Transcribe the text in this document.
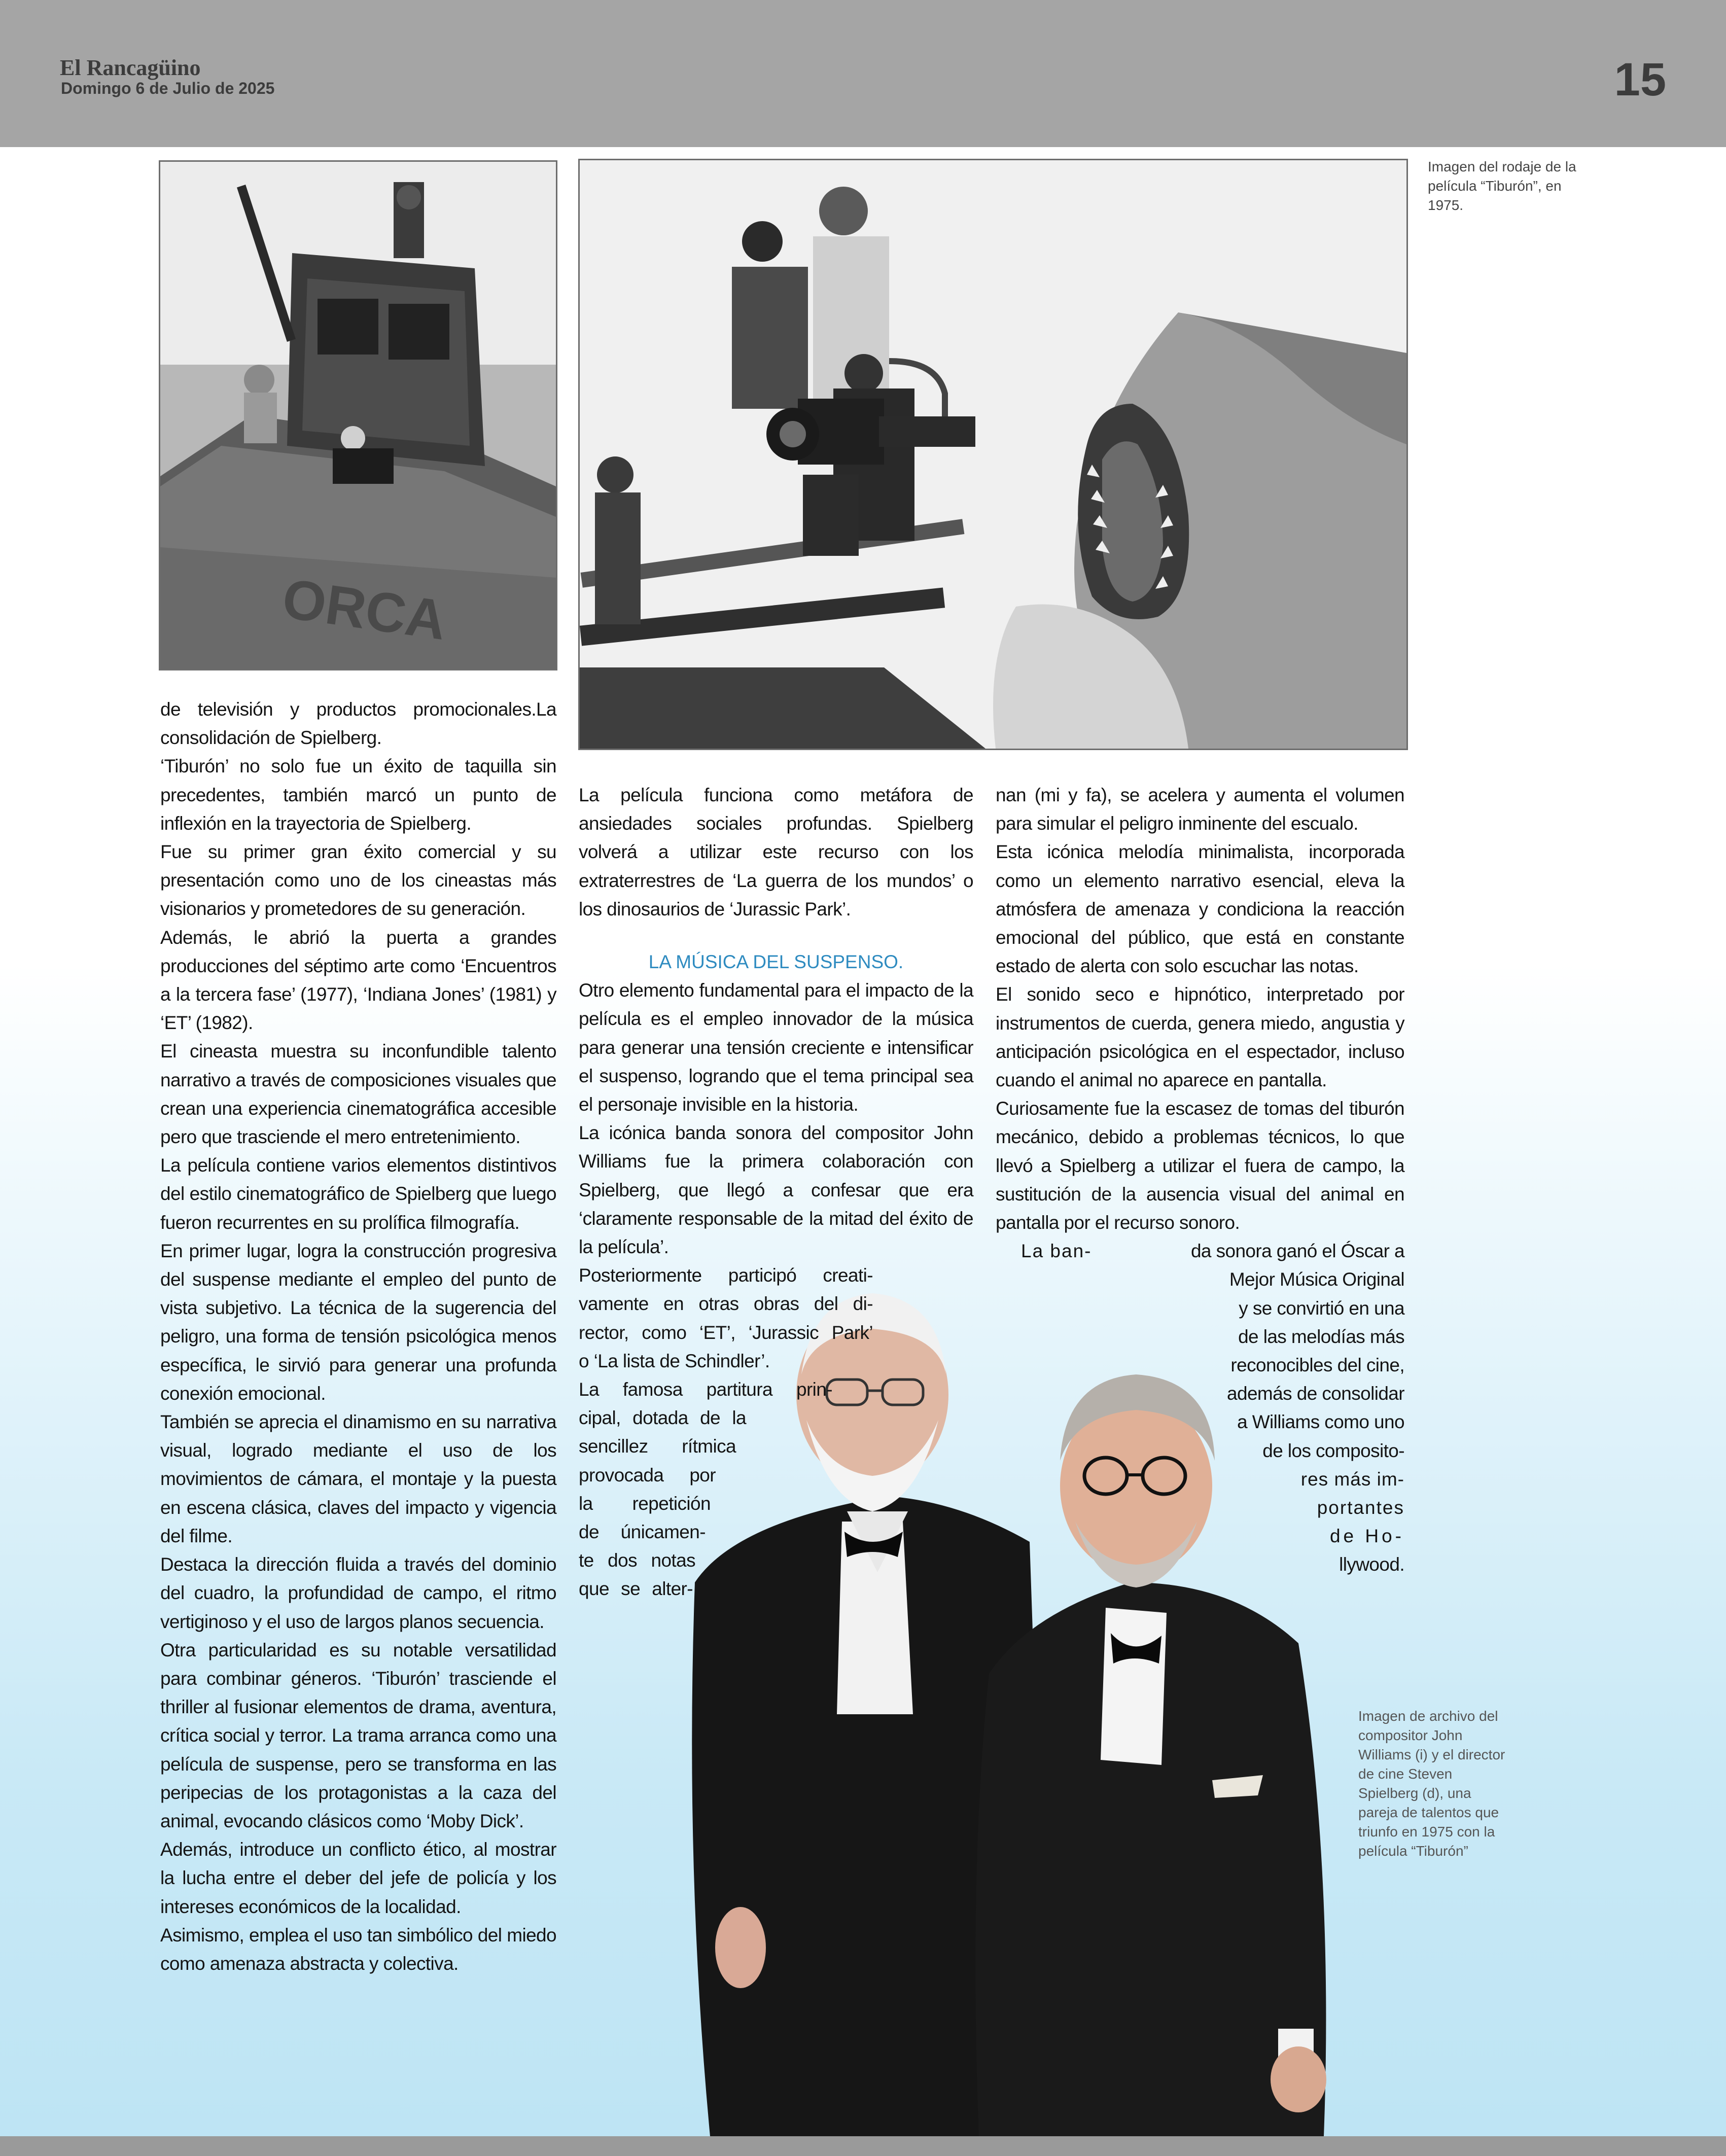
El Rancagüino
Domingo 6 de Julio de 2025	15
ORCA
Imagen del rodaje de la película “Tiburón”, en 1975.
Imagen de archivo del compositor John Williams (i) y el director de cine Steven Spielberg (d), una pareja de talentos que triunfo en 1975 con la película “Tiburón”

de televisión y productos promocionales.La consolidación de Spielberg.

‘Tiburón’ no solo fue un éxito de taquilla sin precedentes, también marcó un punto de inflexión en la trayectoria de Spielberg.

Fue su primer gran éxito comercial y su presentación como uno de los cineastas más visionarios y prometedores de su generación.

Además, le abrió la puerta a grandes producciones del séptimo arte como ‘Encuentros a la tercera fase’ (1977), ‘Indiana Jones’ (1981) y ‘ET’ (1982).

El cineasta muestra su inconfundible talento narrativo a través de composiciones visuales que crean una experiencia cinematográfica accesible pero que trasciende el mero entretenimiento.

La película contiene varios elementos distintivos del estilo cinematográfico de Spielberg que luego fueron recurrentes en su prolífica filmografía.

En primer lugar, logra la construcción progresiva del suspense mediante el empleo del punto de vista subjetivo. La técnica de la sugerencia del peligro, una forma de tensión psicológica menos específica, le sirvió para generar una profunda conexión emocional.

También se aprecia el dinamismo en su narrativa visual, logrado mediante el uso de los movimientos de cámara, el montaje y la puesta en escena clásica, claves del impacto y vigencia del filme.

Destaca la dirección fluida a través del dominio del cuadro, la profundidad de campo, el ritmo vertiginoso y el uso de largos planos secuencia.

Otra particularidad es su notable versatilidad para combinar géneros. ‘Tiburón’ trasciende el thriller al fusionar elementos de drama, aventura, crítica social y terror. La trama arranca como una película de suspense, pero se transforma en las peripecias de los protagonistas a la caza del animal, evocando clásicos como ‘Moby Dick’.

Además, introduce un conflicto ético, al mostrar la lucha entre el deber del jefe de policía y los intereses económicos de la localidad.

Asimismo, emplea el uso tan simbólico del miedo como amenaza abstracta y colectiva.

La película funciona como metáfora de ansiedades sociales profundas. Spielberg volverá a utilizar este recurso con los extraterrestres de ‘La guerra de los mundos’ o los dinosaurios de ‘Jurassic Park’.

LA MÚSICA DEL SUSPENSO.

Otro elemento fundamental para el impacto de la película es el empleo innovador de la música para generar una tensión creciente e intensificar el suspenso, logrando que el tema principal sea el personaje invisible en la historia.

La icónica banda sonora del compositor John Williams fue la primera colaboración con Spielberg, que llegó a confesar que era ‘claramente responsable de la mitad del éxito de la película’.

Posteriormente participó creati-
vamente en otras obras del di-
rector, como ‘ET’, ‘Jurassic Park’
o ‘La lista de Schindler’.
La famosa partitura prin-
cipal, dotada de la
sencillez rítmica
provocada por
la repetición
de únicamen-
te dos notas
que se alter-

nan (mi y fa), se acelera y aumenta el volumen para simular el peligro inminente del escualo.

Esta icónica melodía minimalista, incorporada como un elemento narrativo esencial, eleva la atmósfera de amenaza y condiciona la reacción emocional del público, que está en constante estado de alerta con solo escuchar las notas.

El sonido seco e hipnótico, interpretado por instrumentos de cuerda, genera miedo, angustia y anticipación psicológica en el espectador, incluso cuando el animal no aparece en pantalla.

Curiosamente fue la escasez de tomas del tiburón mecánico, debido a problemas técnicos, lo que llevó a Spielberg a utilizar el fuera de campo, la sustitución de la ausencia visual del animal en pantalla por el recurso sonoro.

La ban-	da sonora ganó el Óscar a
Mejor Música Original
y se convirtió en una
de las melodías más
reconocibles del cine,
además de consolidar
a Williams como uno
de los composito-
res más im-
portantes
de Ho-
llywood.
